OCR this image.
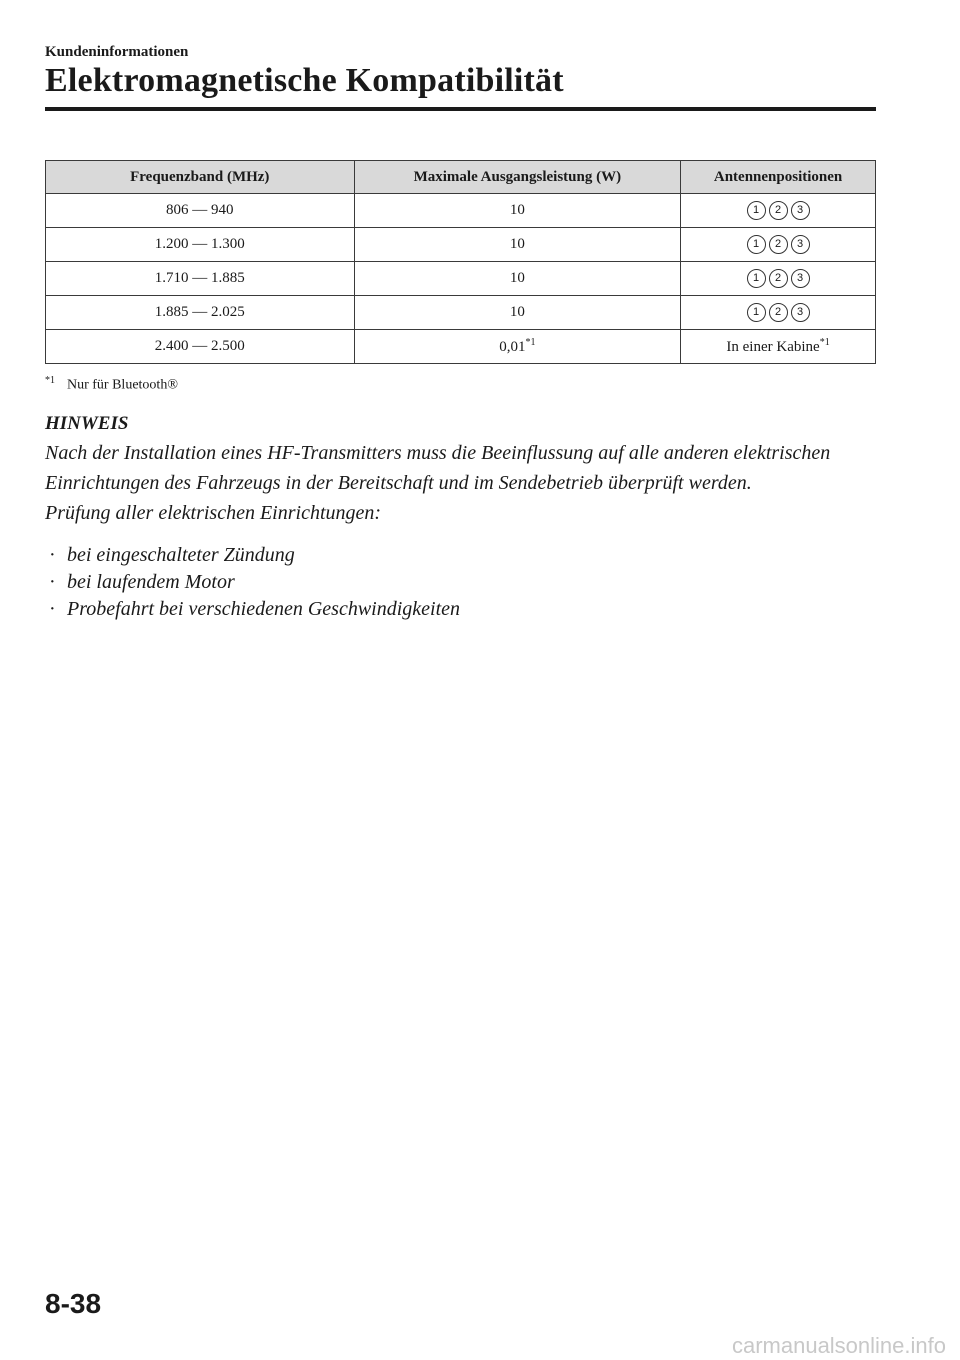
Kundeninformationen
Elektromagnetische Kompatibilität
Frequenzband (MHz)	Maximale Ausgangsleistung (W)	Antennenpositionen
806 ― 940	10	1 2 3

1.200 ― 1.300	10	1 2 3

1.710 ― 1.885	10	1 2 3

1.885 ― 2.025	10	1 2 3

2.400 ― 2.500	0,01$^{*1}$	In einer Kabine$^{*1}$
$^{*1}$ Nur für Bluetooth®
HINWEIS

Nach der Installation eines HF-Transmitters muss die Beeinflussung auf alle anderen elektrischen Einrichtungen des Fahrzeugs in der Bereitschaft und im Sendebetrieb überprüft werden.

Prüfung aller elektrischen Einrichtungen:

· bei eingeschalteter Zündung
· bei laufendem Motor
· Probefahrt bei verschiedenen Geschwindigkeiten
8-38
carmanualsonline.info
